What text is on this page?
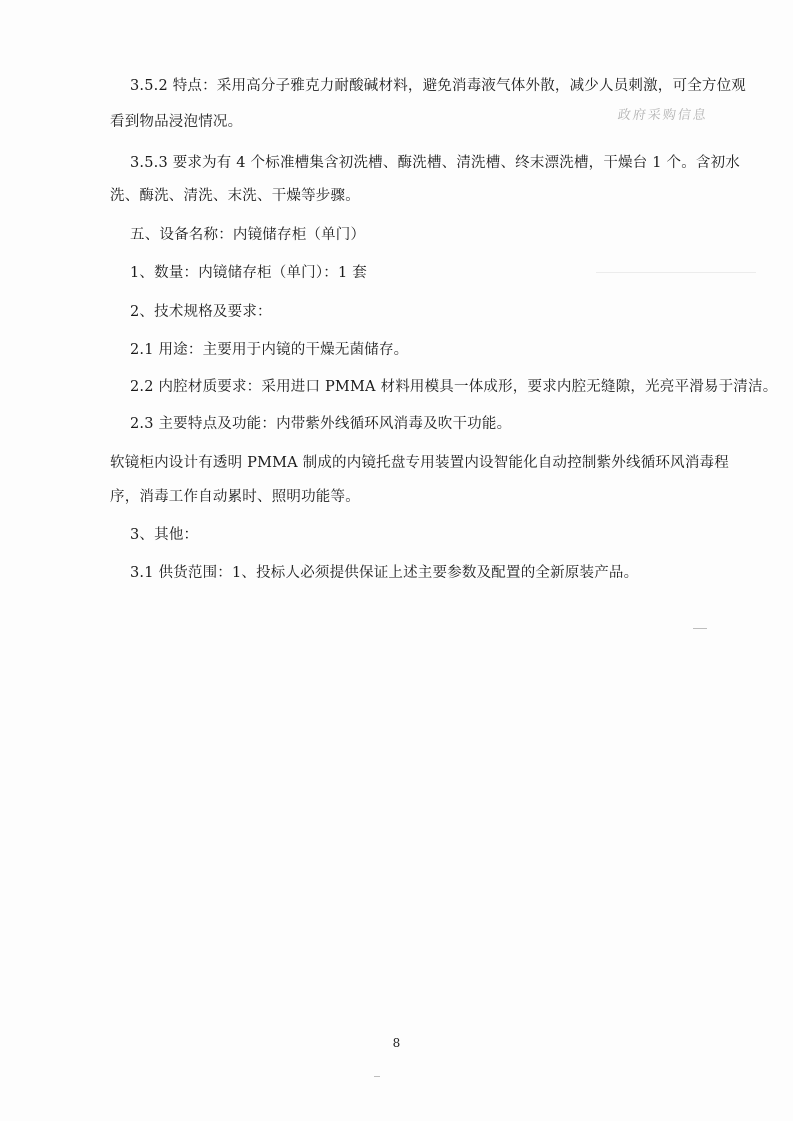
3.5.2 特点：采用高分子雅克力耐酸碱材料，避免消毒液气体外散，减少人员刺激，可全方位观
政府采购信息
看到物品浸泡情况。
3.5.3 要求为有 4 个标准槽集含初洗槽、酶洗槽、清洗槽、终末漂洗槽，干燥台 1 个。含初水
洗、酶洗、清洗、末洗、干燥等步骤。
五、设备名称：内镜储存柜（单门）
1、数量：内镜储存柜（单门）：1 套
2、技术规格及要求：
2.1 用途：主要用于内镜的干燥无菌储存。
2.2 内腔材质要求：采用进口 PMMA 材料用模具一体成形，要求内腔无缝隙，光亮平滑易于清洁。
2.3 主要特点及功能：内带紫外线循环风消毒及吹干功能。
软镜柜内设计有透明 PMMA 制成的内镜托盘专用装置内设智能化自动控制紫外线循环风消毒程
序，消毒工作自动累时、照明功能等。
3、其他：
3.1 供货范围：1、投标人必须提供保证上述主要参数及配置的全新原装产品。
8
